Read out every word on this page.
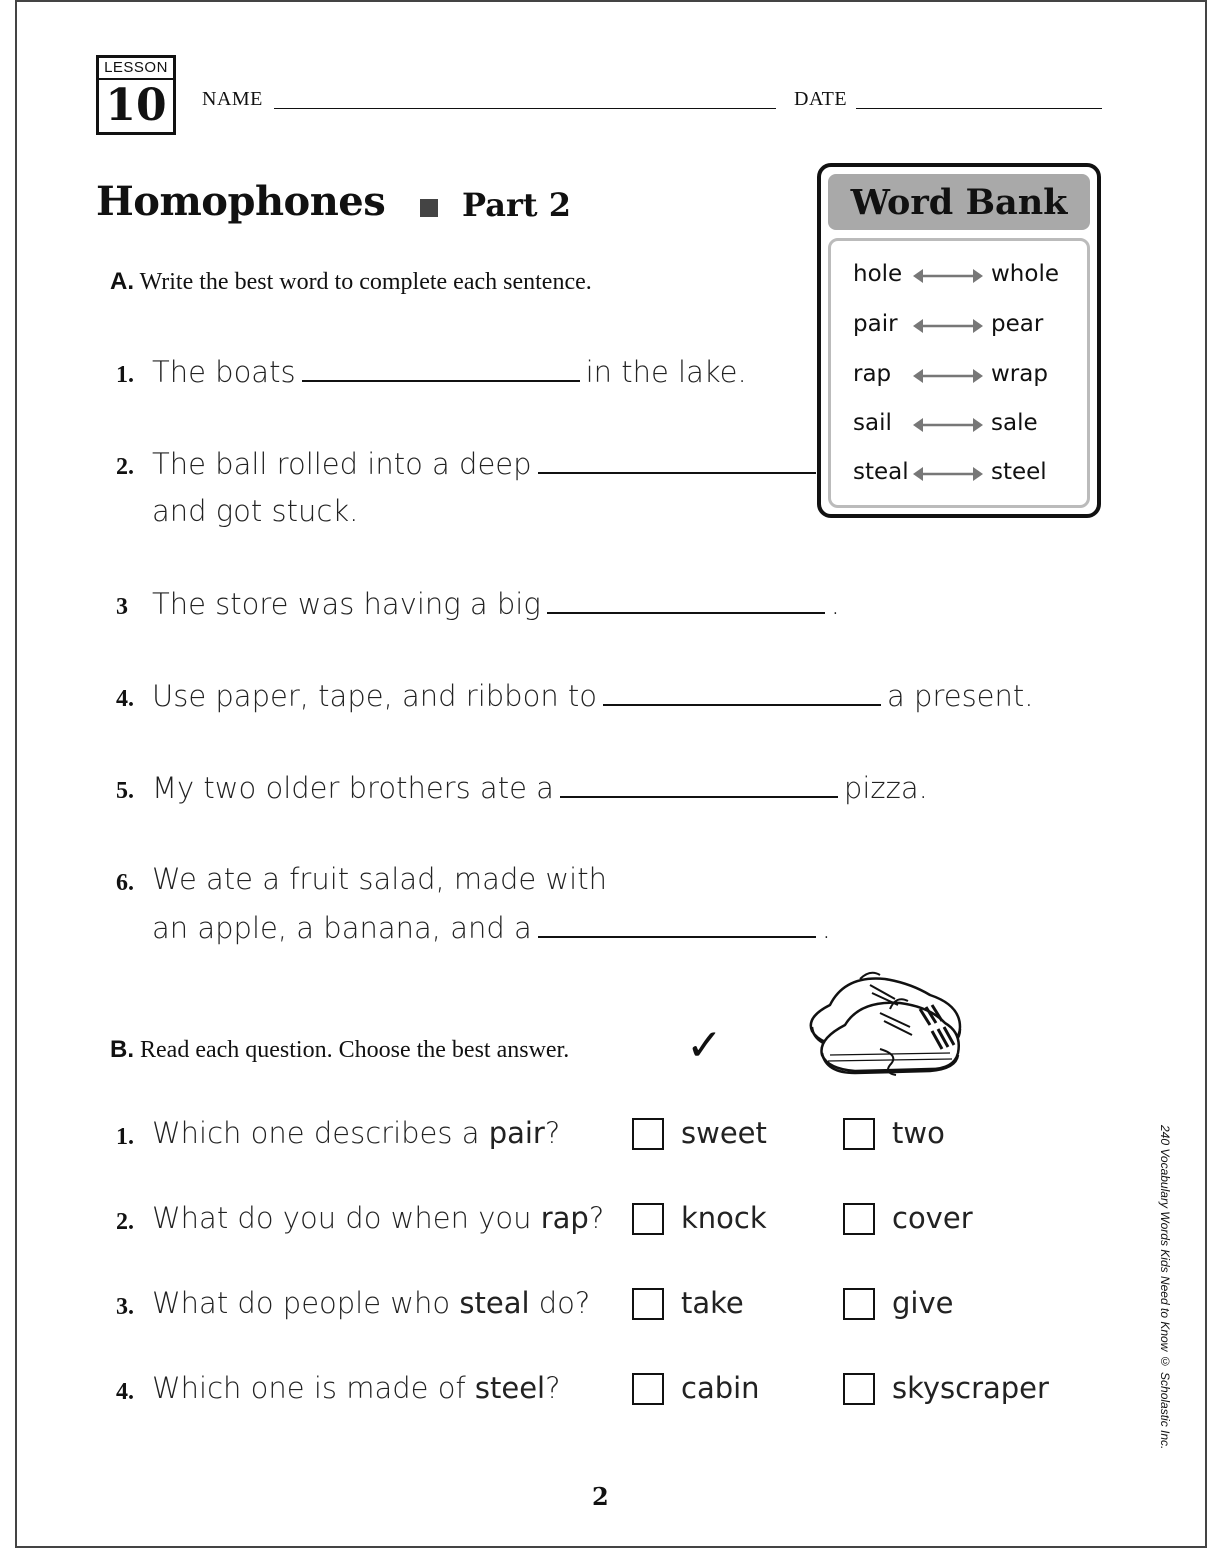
LESSON
10	NAME	DATE
Homophones Part 2	Word Bank
hole	whole
pair	pear
rap	wrap
sail	sale
steal	steel
A. Write the best word to complete each sentence.
1. The boats	in the lake.
2. The ball rolled into a deep
and got stuck.
3 The store was having a big	.
4. Use paper, tape, and ribbon to	a present.
5. My two older brothers ate a	pizza.
6. We ate a fruit salad, made with
an apple, a banana, and a	.
B. Read each question. Choose the best answer.	✓
1. Which one describes a pair?	sweet	two
2. What do you do when you rap?	knock	cover
3. What do people who steal do?	take	give
4. Which one is made of steel?	cabin	skyscraper	240 Vocabulary Words Kids Need to Know © Scholastic Inc.
2
